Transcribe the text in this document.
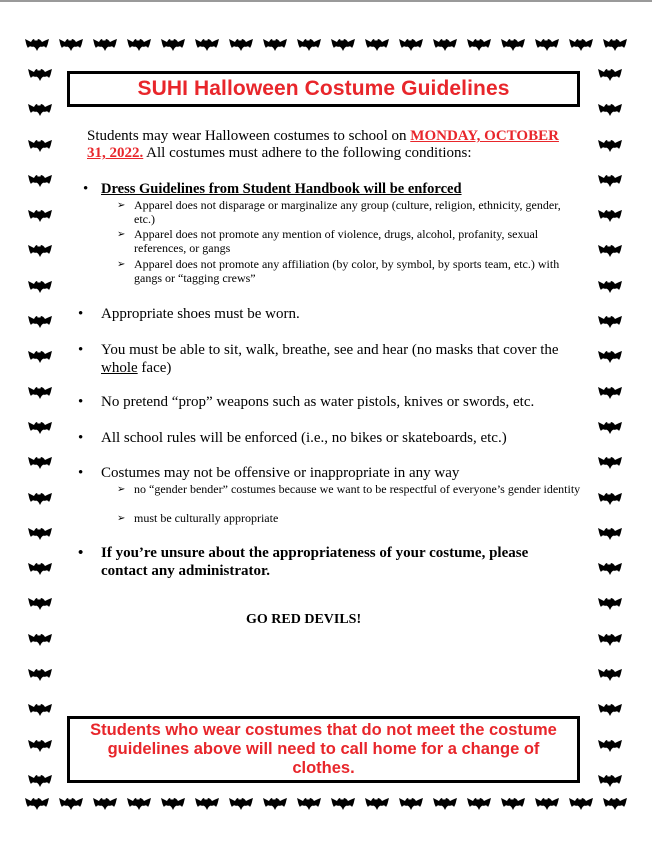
SUHI Halloween Costume Guidelines
Students may wear Halloween costumes to school on MONDAY, OCTOBER 31, 2022. All costumes must adhere to the following conditions:
• Dress Guidelines from Student Handbook will be enforced
➢ Apparel does not disparage or marginalize any group (culture, religion, ethnicity, gender, etc.)
➢ Apparel does not promote any mention of violence, drugs, alcohol, profanity, sexual references, or gangs
➢ Apparel does not promote any affiliation (by color, by symbol, by sports team, etc.) with gangs or “tagging crews”
• Appropriate shoes must be worn.
• You must be able to sit, walk, breathe, see and hear (no masks that cover the whole face)
• No pretend “prop” weapons such as water pistols, knives or swords, etc.
• All school rules will be enforced (i.e., no bikes or skateboards, etc.)
• Costumes may not be offensive or inappropriate in any way
➢ no “gender bender” costumes because we want to be respectful of everyone’s gender identity
➢ must be culturally appropriate
• If you’re unsure about the appropriateness of your costume, please contact any administrator.
GO RED DEVILS!
Students who wear costumes that do not meet the costume guidelines above will need to call home for a change of clothes.
